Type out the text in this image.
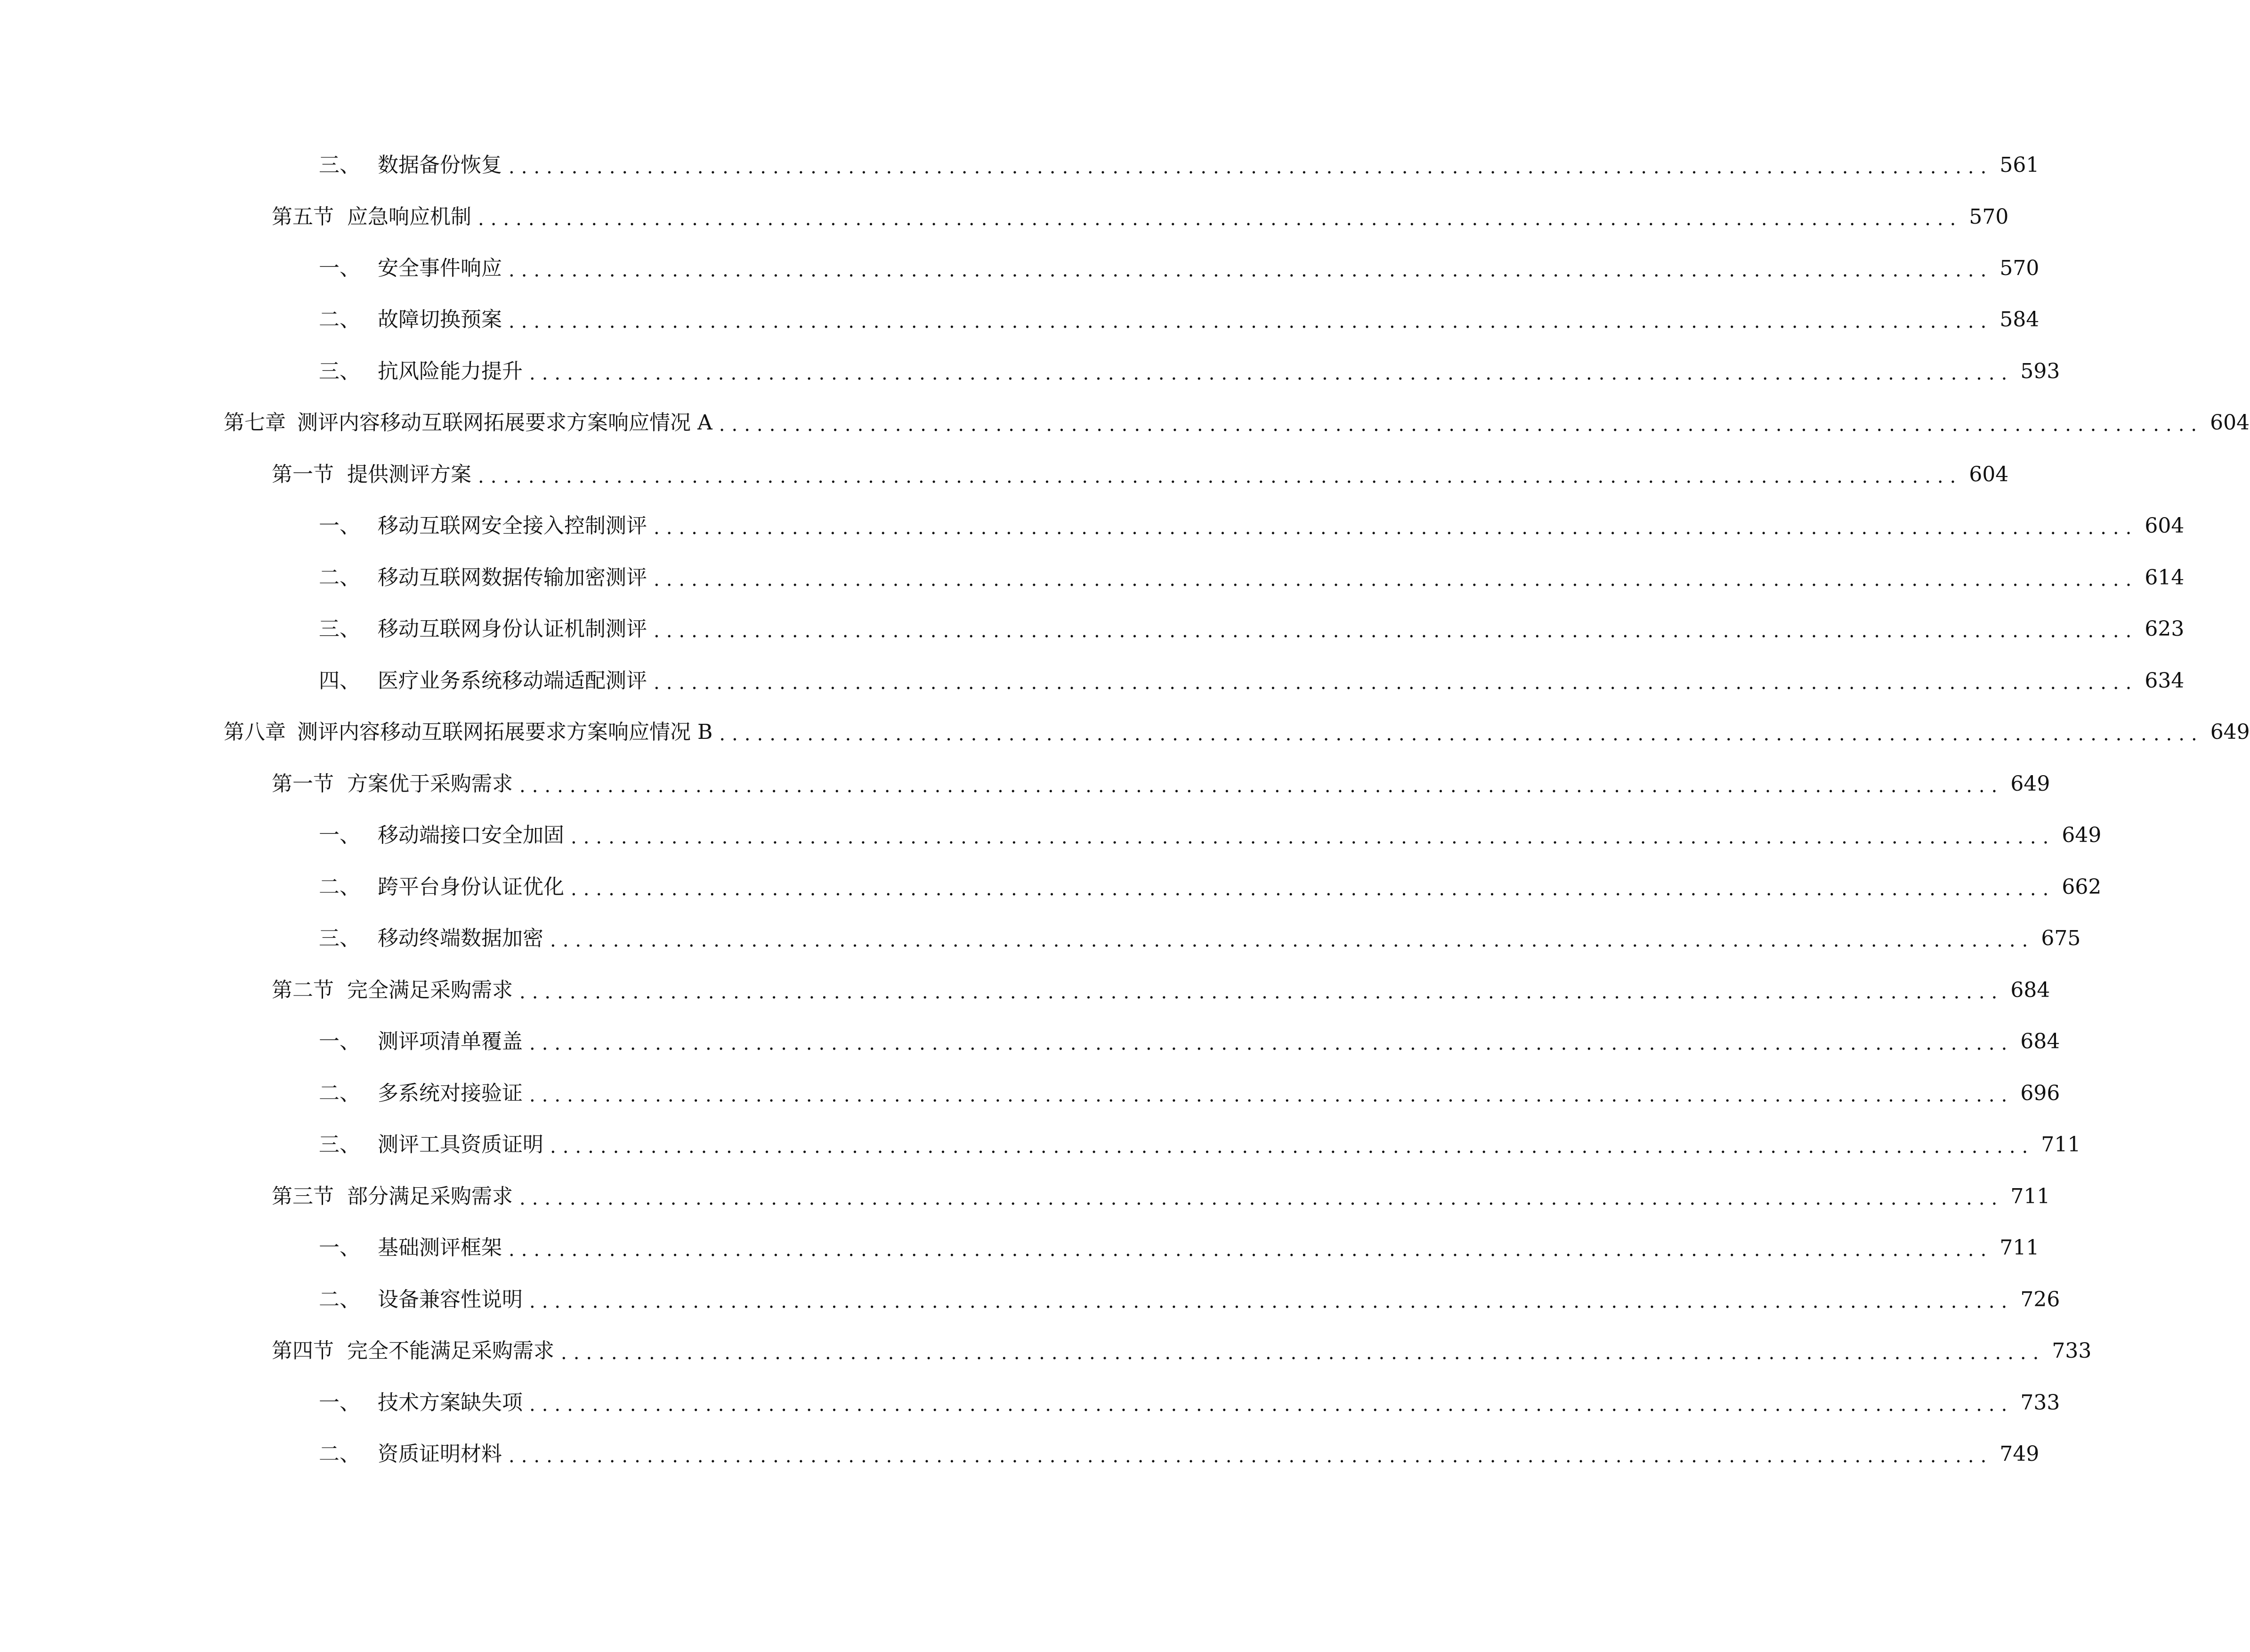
三、 数据备份恢复 ...................................................................................................................... 561
第五节 应急响应机制 ...................................................................................................................... 570
一、 安全事件响应 ...................................................................................................................... 570
二、 故障切换预案 ...................................................................................................................... 584
三、 抗风险能力提升 ...................................................................................................................... 593
第七章 测评内容移动互联网拓展要求方案响应情况 A ...................................................................................................................... 604
第一节 提供测评方案 ...................................................................................................................... 604
一、 移动互联网安全接入控制测评 ...................................................................................................................... 604
二、 移动互联网数据传输加密测评 ...................................................................................................................... 614
三、 移动互联网身份认证机制测评 ...................................................................................................................... 623
四、 医疗业务系统移动端适配测评 ...................................................................................................................... 634
第八章 测评内容移动互联网拓展要求方案响应情况 B ...................................................................................................................... 649
第一节 方案优于采购需求 ...................................................................................................................... 649
一、 移动端接口安全加固 ...................................................................................................................... 649
二、 跨平台身份认证优化 ...................................................................................................................... 662
三、 移动终端数据加密 ...................................................................................................................... 675
第二节 完全满足采购需求 ...................................................................................................................... 684
一、 测评项清单覆盖 ...................................................................................................................... 684
二、 多系统对接验证 ...................................................................................................................... 696
三、 测评工具资质证明 ...................................................................................................................... 711
第三节 部分满足采购需求 ...................................................................................................................... 711
一、 基础测评框架 ...................................................................................................................... 711
二、 设备兼容性说明 ...................................................................................................................... 726
第四节 完全不能满足采购需求 ...................................................................................................................... 733
一、 技术方案缺失项 ...................................................................................................................... 733
二、 资质证明材料 ...................................................................................................................... 749
